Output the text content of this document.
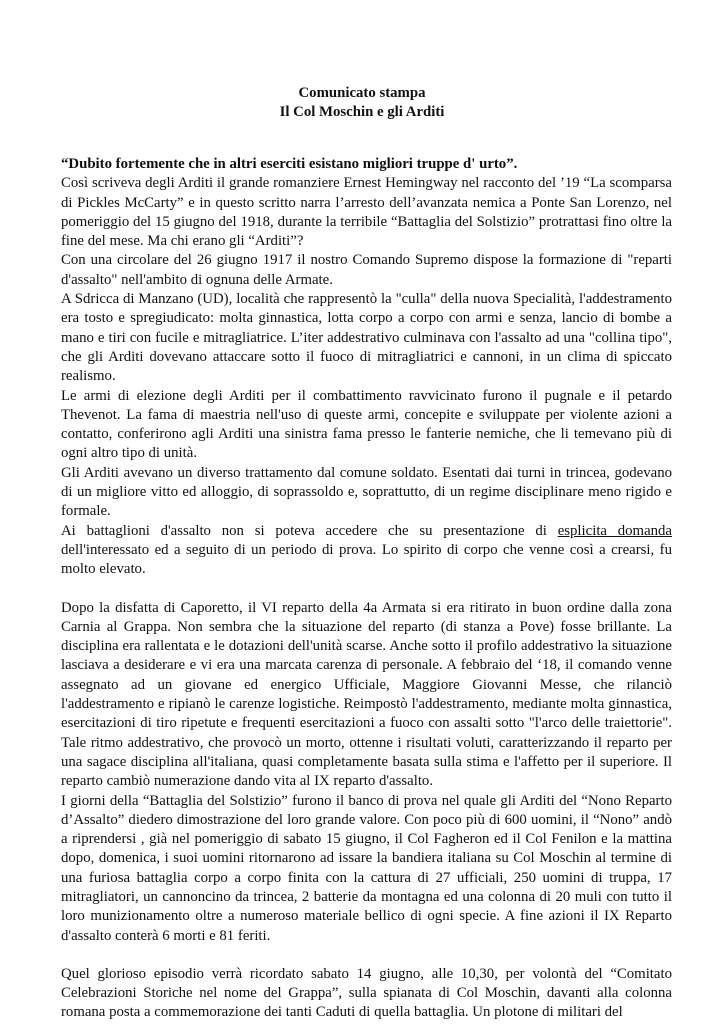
Comunicato stampa
Il Col Moschin e gli Arditi

“Dubito fortemente che in altri eserciti esistano migliori truppe d' urto”.

Così scriveva degli Arditi il grande romanziere Ernest Hemingway nel racconto del ’19 “La scomparsa di Pickles McCarty” e in questo scritto narra l’arresto dell’avanzata nemica a Ponte San Lorenzo, nel pomeriggio del 15 giugno del 1918, durante la terribile “Battaglia del Solstizio” protrattasi fino oltre la fine del mese. Ma chi erano gli “Arditi”?

Con una circolare del 26 giugno 1917 il nostro Comando Supremo dispose la formazione di "reparti d'assalto" nell'ambito di ognuna delle Armate.

A Sdricca di Manzano (UD), località che rappresentò la "culla" della nuova Specialità, l'addestramento era tosto e spregiudicato: molta ginnastica, lotta corpo a corpo con armi e senza, lancio di bombe a mano e tiri con fucile e mitragliatrice. L’iter addestrativo culminava con l'assalto ad una "collina tipo", che gli Arditi dovevano attaccare sotto il fuoco di mitragliatrici e cannoni, in un clima di spiccato realismo.

Le armi di elezione degli Arditi per il combattimento ravvicinato furono il pugnale e il petardo Thevenot. La fama di maestria nell'uso di queste armi, concepite e sviluppate per violente azioni a contatto, conferirono agli Arditi una sinistra fama presso le fanterie nemiche, che li temevano più di ogni altro tipo di unità.

Gli Arditi avevano un diverso trattamento dal comune soldato. Esentati dai turni in trincea, godevano di un migliore vitto ed alloggio, di soprassoldo e, soprattutto, di un regime disciplinare meno rigido e formale.

Ai battaglioni d'assalto non si poteva accedere che su presentazione di esplicita domanda dell'interessato ed a seguito di un periodo di prova. Lo spirito di corpo che venne così a crearsi, fu molto elevato.

Dopo la disfatta di Caporetto, il VI reparto della 4a Armata si era ritirato in buon ordine dalla zona Carnia al Grappa. Non sembra che la situazione del reparto (di stanza a Pove) fosse brillante. La disciplina era rallentata e le dotazioni dell'unità scarse. Anche sotto il profilo addestrativo la situazione lasciava a desiderare e vi era una marcata carenza di personale. A febbraio del ‘18, il comando venne assegnato ad un giovane ed energico Ufficiale, Maggiore Giovanni Messe, che rilanciò l'addestramento e ripianò le carenze logistiche. Reimpostò l'addestramento, mediante molta ginnastica, esercitazioni di tiro ripetute e frequenti esercitazioni a fuoco con assalti sotto "l'arco delle traiettorie". Tale ritmo addestrativo, che provocò un morto, ottenne i risultati voluti, caratterizzando il reparto per una sagace disciplina all'italiana, quasi completamente basata sulla stima e l'affetto per il superiore. Il reparto cambiò numerazione dando vita al IX reparto d'assalto.

I giorni della “Battaglia del Solstizio” furono il banco di prova nel quale gli Arditi del “Nono Reparto d’Assalto” diedero dimostrazione del loro grande valore. Con poco più di 600 uomini, il “Nono” andò a riprendersi , già nel pomeriggio di sabato 15 giugno, il Col Fagheron ed il Col Fenilon e la mattina dopo, domenica, i suoi uomini ritornarono ad issare la bandiera italiana su Col Moschin al termine di una furiosa battaglia corpo a corpo finita con la cattura di 27 ufficiali, 250 uomini di truppa, 17 mitragliatori, un cannoncino da trincea, 2 batterie da montagna ed una colonna di 20 muli con tutto il loro munizionamento oltre a numeroso materiale bellico di ogni specie. A fine azioni il IX Reparto d'assalto conterà 6 morti e 81 feriti.

Quel glorioso episodio verrà ricordato sabato 14 giugno, alle 10,30, per volontà del “Comitato Celebrazioni Storiche nel nome del Grappa”, sulla spianata di Col Moschin, davanti alla colonna romana posta a commemorazione dei tanti Caduti di quella battaglia. Un plotone di militari del
